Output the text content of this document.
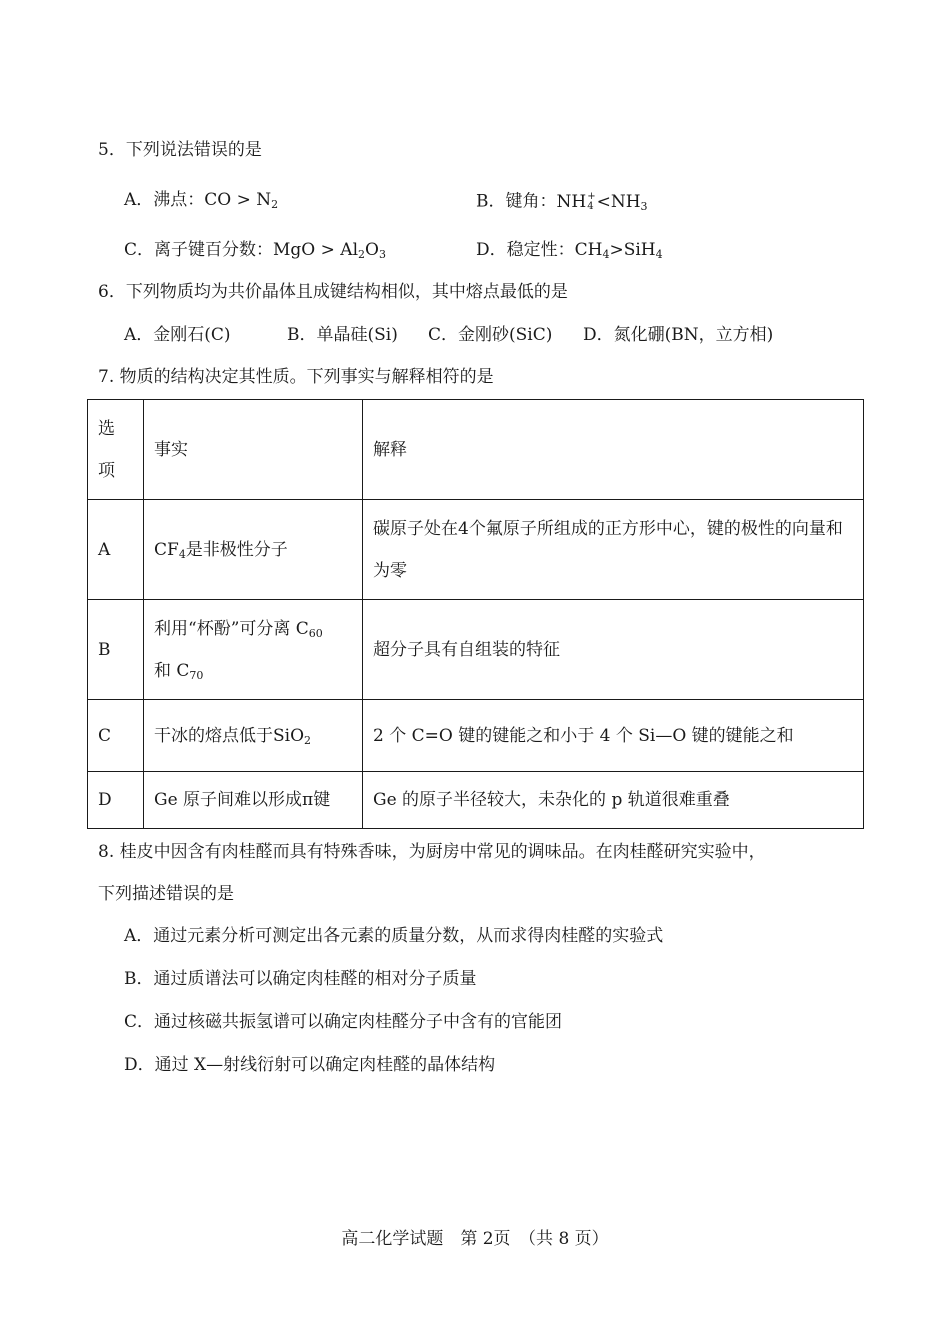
5．下列说法错误的是
A．沸点：CO > $N_2$	B．键角：NH +
$4 <NH_3$
C．离子键百分数：MgO > $Al_2O_3$	D．稳定性：$CH_4>SiH_4$
6．下列物质均为共价晶体且成键结构相似，其中熔点最低的是
A．金刚石(C)	B．单晶硅(Si) C．金刚砂(SiC) D．氮化硼(BN，立方相)
7. 物质的结构决定其性质。下列事实与解释相符的是
选
项	事实	解释
A	$CF_4$是非极性分子	碳原子处在4个氟原子所组成的正方形中心，键的极性的向量和为零
B	利用“杯酚”可分离 $C_{60}$
和 $C_{70}$	超分子具有自组装的特征
C	干冰的熔点低于SiO$_2$	2 个 C=O 键的键能之和小于 4 个 Si—O 键的键能之和
D	Ge 原子间难以形成π键	Ge 的原子半径较大，未杂化的 p 轨道很难重叠
8. 桂皮中因含有肉桂醛而具有特殊香味，为厨房中常见的调味品。在肉桂醛研究实验中，
下列描述错误的是
A．通过元素分析可测定出各元素的质量分数，从而求得肉桂醛的实验式
B．通过质谱法可以确定肉桂醛的相对分子质量
C．通过核磁共振氢谱可以确定肉桂醛分子中含有的官能团
D．通过 X—射线衍射可以确定肉桂醛的晶体结构
高二化学试题　第 2页　（共 8 页）
